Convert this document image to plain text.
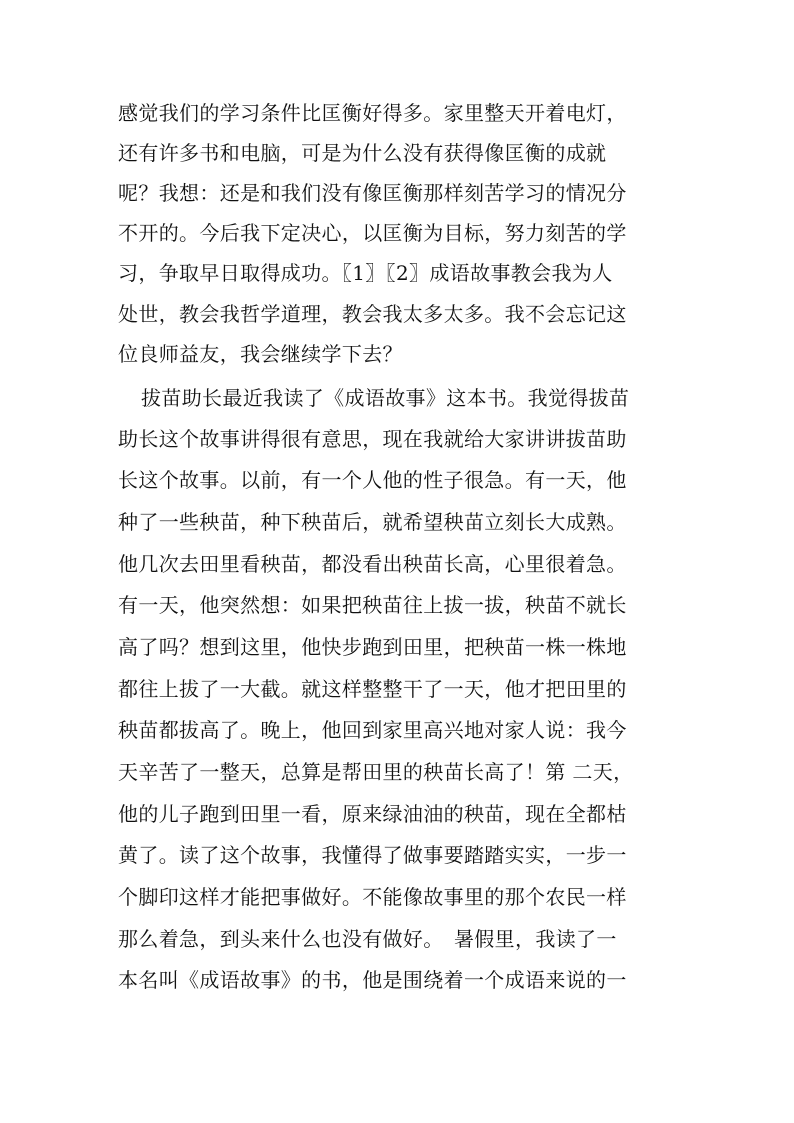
感觉我们的学习条件比匡衡好得多。家里整天开着电灯，
还有许多书和电脑，可是为什么没有获得像匡衡的成就
呢？我想：还是和我们没有像匡衡那样刻苦学习的情况分
不开的。今后我下定决心，以匡衡为目标，努力刻苦的学
习，争取早日取得成功。〖1〗〖2〗成语故事教会我为人
处世，教会我哲学道理，教会我太多太多。我不会忘记这
位良师益友，我会继续学下去？
拔苗助长最近我读了《成语故事》这本书。我觉得拔苗
助长这个故事讲得很有意思，现在我就给大家讲讲拔苗助
长这个故事。以前，有一个人他的性子很急。有一天，他
种了一些秧苗，种下秧苗后，就希望秧苗立刻长大成熟。
他几次去田里看秧苗，都没看出秧苗长高，心里很着急。
有一天，他突然想：如果把秧苗往上拔一拔，秧苗不就长
高了吗？想到这里，他快步跑到田里，把秧苗一株一株地
都往上拔了一大截。就这样整整干了一天，他才把田里的
秧苗都拔高了。晚上，他回到家里高兴地对家人说：我今
天辛苦了一整天，总算是帮田里的秧苗长高了！第 二天，
他的儿子跑到田里一看，原来绿油油的秧苗，现在全都枯
黄了。读了这个故事，我懂得了做事要踏踏实实，一步一
个脚印这样才能把事做好。不能像故事里的那个农民一样
那么着急，到头来什么也没有做好。　暑假里，我读了一
本名叫《成语故事》的书，他是围绕着一个成语来说的一
